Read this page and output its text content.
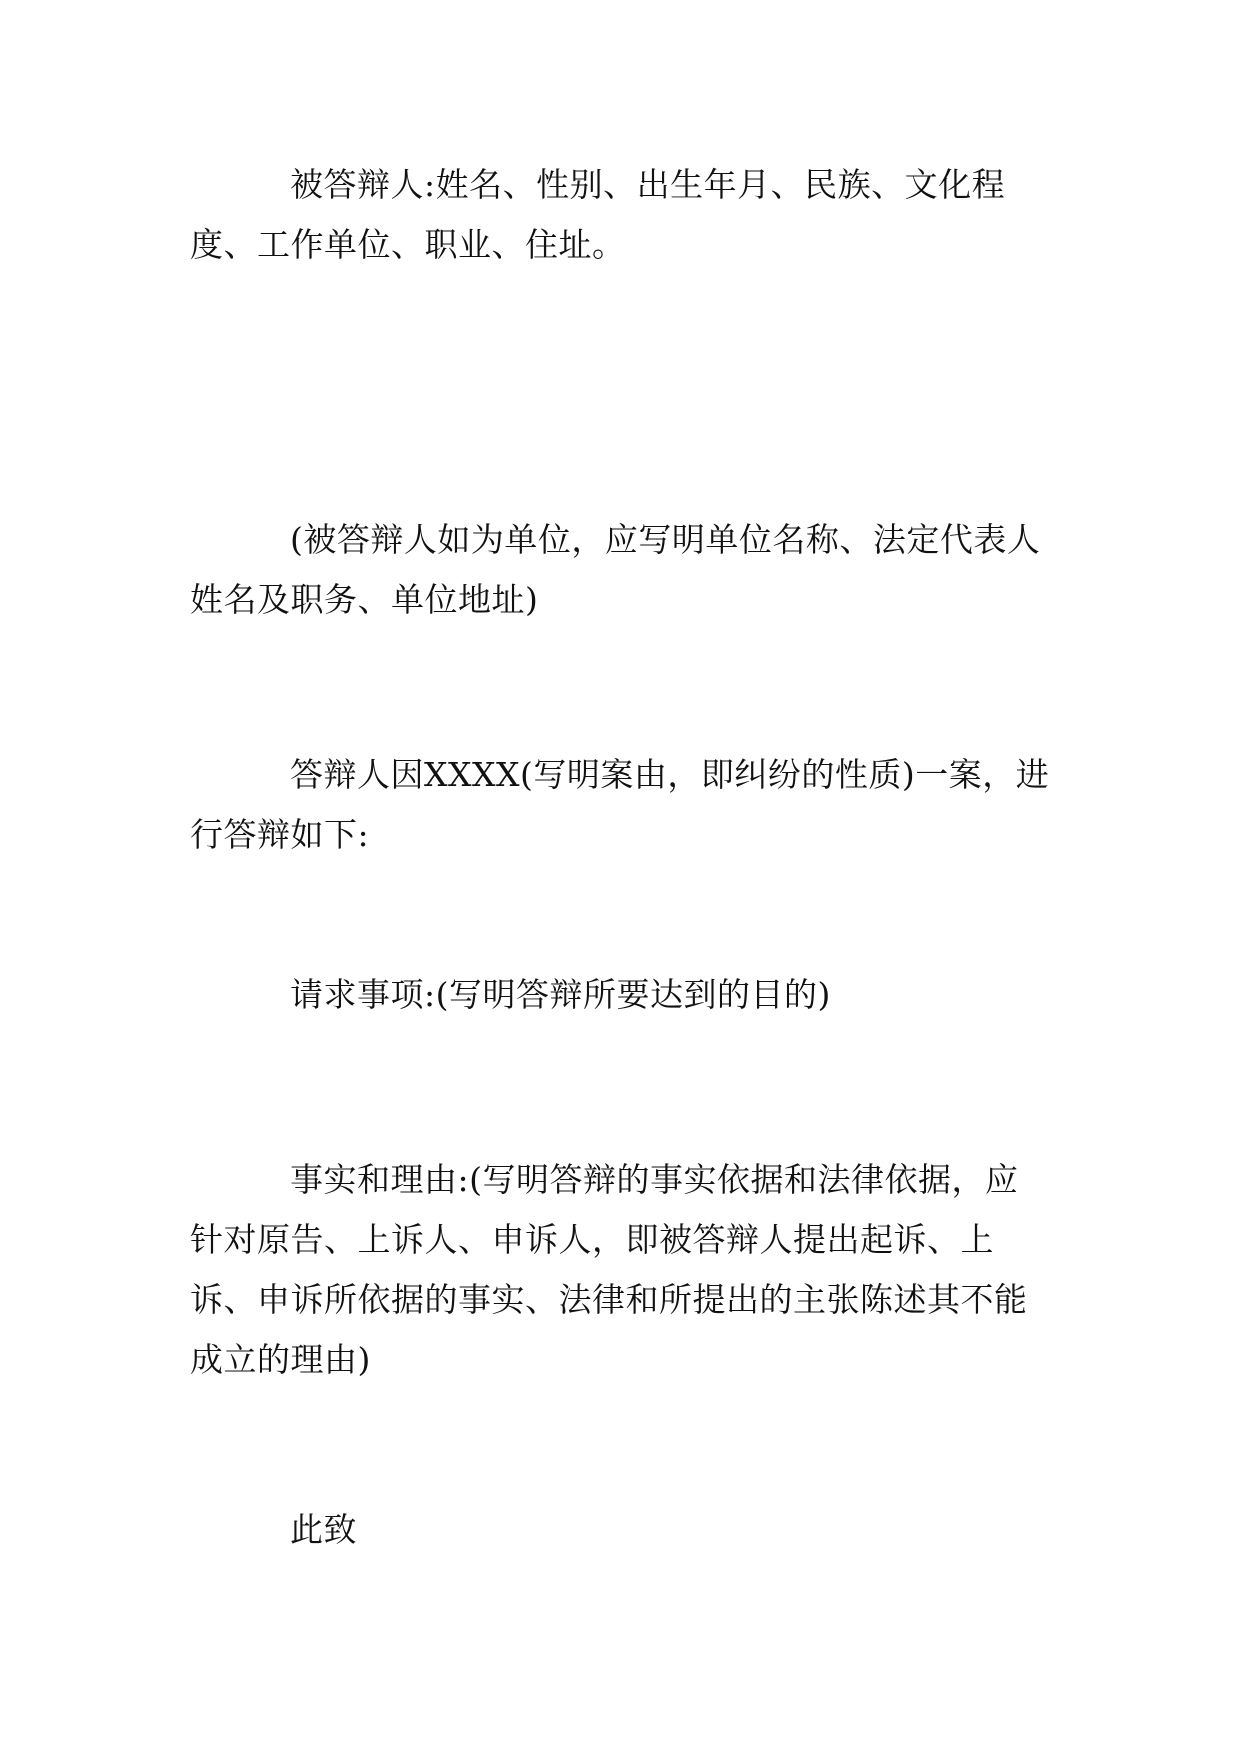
被答辩人:姓名、性别、出生年月、民族、文化程度、工作单位、职业、住址。

(被答辩人如为单位，应写明单位名称、法定代表人姓名及职务、单位地址)

答辩人因XXXX(写明案由，即纠纷的性质)一案，进行答辩如下:

请求事项:(写明答辩所要达到的目的)

事实和理由:(写明答辩的事实依据和法律依据，应针对原告、上诉人、申诉人，即被答辩人提出起诉、上诉、申诉所依据的事实、法律和所提出的主张陈述其不能成立的理由)

此致
